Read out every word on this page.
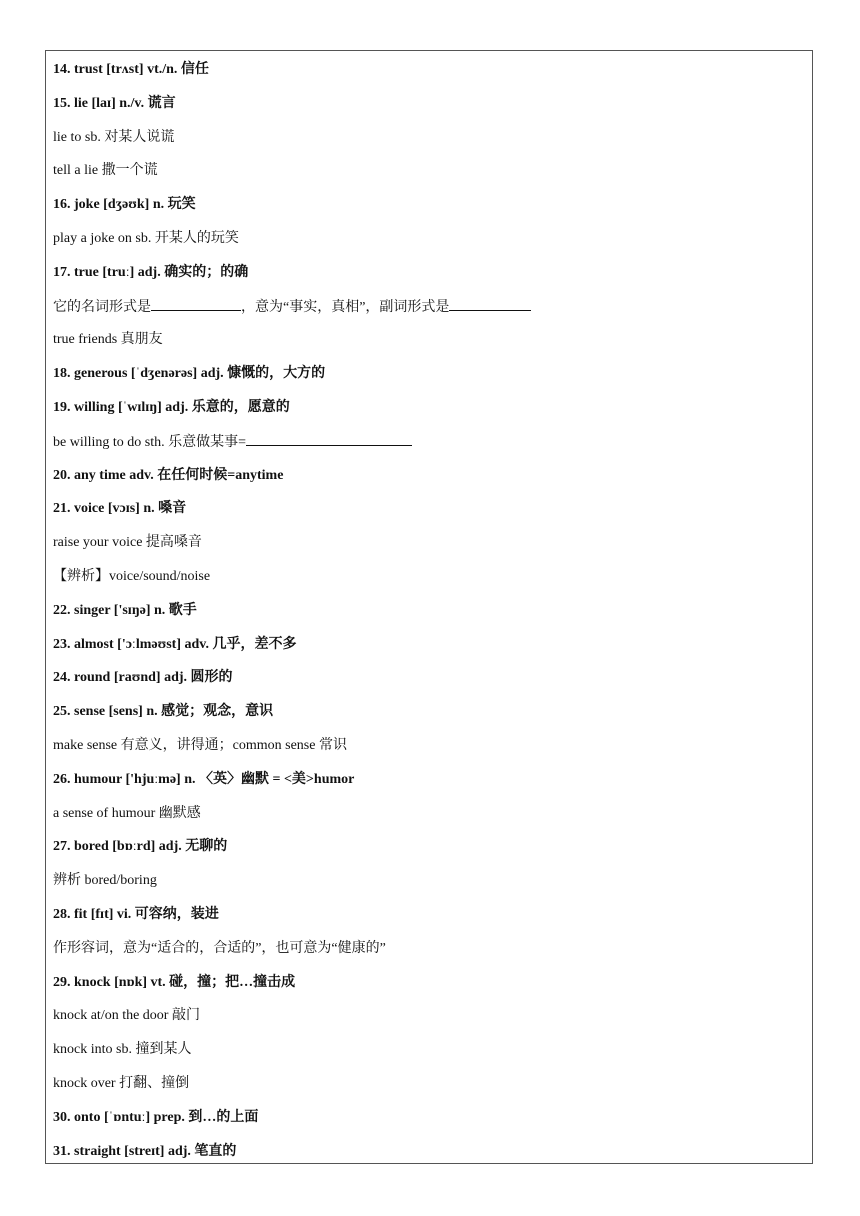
14. trust [trʌst] vt./n. 信任
15. lie [laɪ] n./v. 谎言
lie to sb. 对某人说谎
tell a lie 撒一个谎
16. joke [dʒəʊk] n. 玩笑
play a joke on sb. 开某人的玩笑
17. true [truː] adj. 确实的；的确
它的名词形式是	，意为“事实，真相”，副词形式是
true friends 真朋友
18. generous [ˈdʒenərəs] adj. 慷慨的，大方的
19. willing [ˈwɪlɪŋ] adj. 乐意的，愿意的
be willing to do sth. 乐意做某事=
20. any time adv. 在任何时候=anytime
21. voice [vɔɪs] n. 嗓音
raise your voice 提高嗓音
【辨析】voice/sound/noise
22. singer ['sɪŋə] n. 歌手
23. almost ['ɔːlməʊst] adv. 几乎，差不多
24. round [raʊnd] adj. 圆形的
25. sense [sens] n. 感觉；观念，意识
make sense 有意义，讲得通；common sense 常识
26. humour ['hjuːmə] n. 〈英〉幽默 = <美>humor
a sense of humour 幽默感
27. bored [bɒːrd] adj. 无聊的
辨析 bored/boring
28. fit [fɪt] vi. 可容纳，装进
作形容词，意为“适合的，合适的”，也可意为“健康的”
29. knock [nɒk] vt. 碰，撞；把…撞击成
knock at/on the door 敲门
knock into sb. 撞到某人
knock over 打翻、撞倒
30. onto [ˈɒntuː] prep. 到…的上面
31. straight [streɪt] adj. 笔直的
